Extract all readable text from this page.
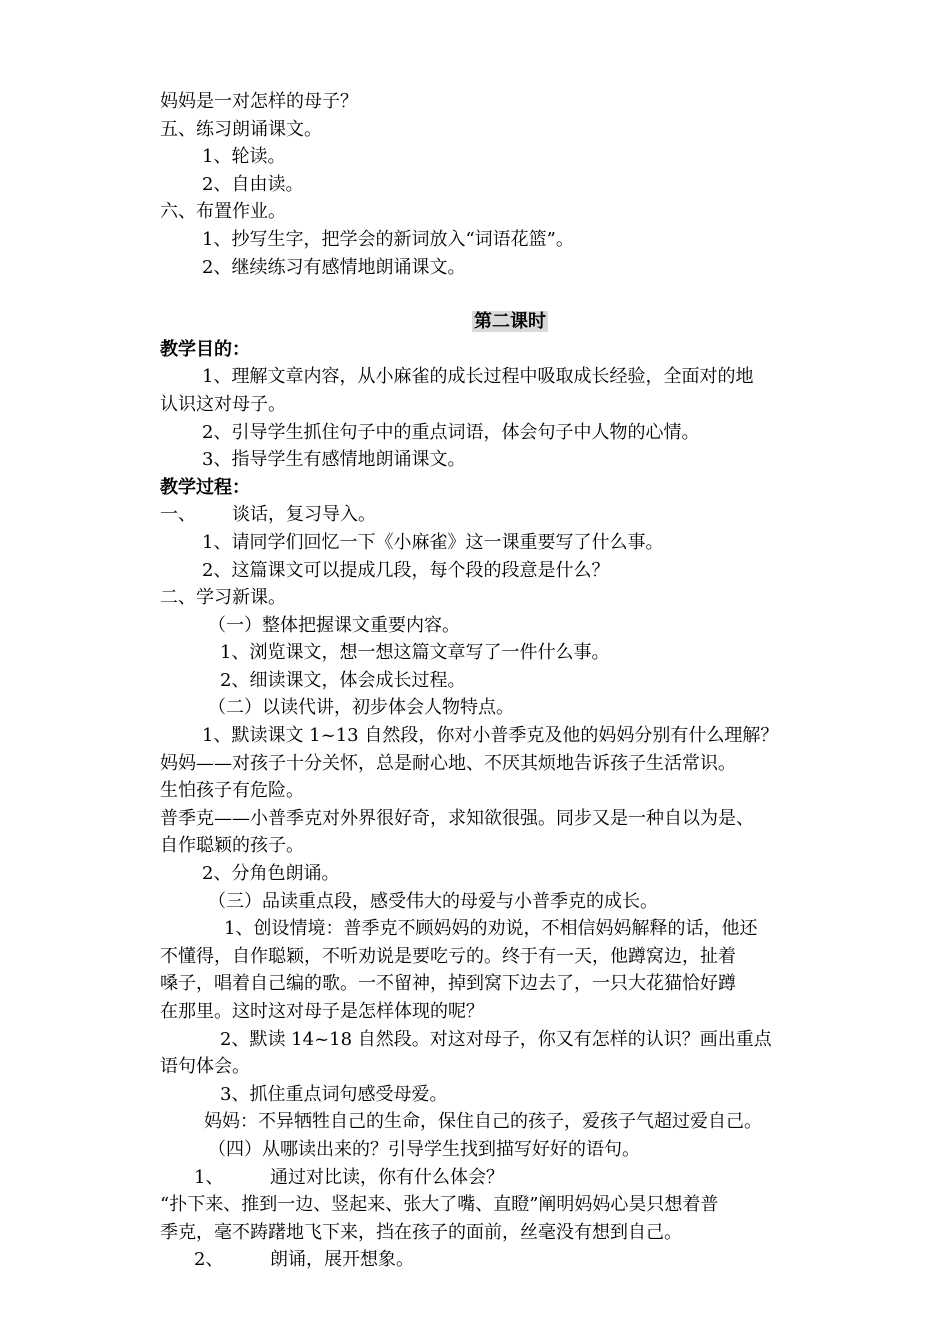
妈妈是一对怎样的母子？
五、练习朗诵课文。
1、轮读。
2、自由读。
六、布置作业。
1、抄写生字，把学会的新词放入“词语花篮”。
2、继续练习有感情地朗诵课文。
第二课时
教学目的：
1、理解文章内容，从小麻雀的成长过程中吸取成长经验，全面对的地
认识这对母子。
2、引导学生抓住句子中的重点词语，体会句子中人物的心情。
3、指导学生有感情地朗诵课文。
教学过程：
一、 谈话，复习导入。
1、请同学们回忆一下《小麻雀》这一课重要写了什么事。
2、这篇课文可以提成几段，每个段的段意是什么？
二、学习新课。
（一）整体把握课文重要内容。
1、浏览课文，想一想这篇文章写了一件什么事。
2、细读课文，体会成长过程。
（二）以读代讲，初步体会人物特点。
1、默读课文 1~13 自然段，你对小普季克及他的妈妈分别有什么理解？
妈妈——对孩子十分关怀，总是耐心地、不厌其烦地告诉孩子生活常识。
生怕孩子有危险。
普季克——小普季克对外界很好奇，求知欲很强。同步又是一种自以为是、
自作聪颖的孩子。
2、分角色朗诵。
（三）品读重点段，感受伟大的母爱与小普季克的成长。
1、创设情境：普季克不顾妈妈的劝说，不相信妈妈解释的话，他还
不懂得，自作聪颖，不听劝说是要吃亏的。终于有一天，他蹲窝边，扯着
嗓子，唱着自己编的歌。一不留神，掉到窝下边去了，一只大花猫恰好蹲
在那里。这时这对母子是怎样体现的呢？
2、默读 14~18 自然段。对这对母子，你又有怎样的认识？画出重点
语句体会。
3、抓住重点词句感受母爱。
妈妈：不异牺牲自己的生命，保住自己的孩子，爱孩子气超过爱自己。
（四）从哪读出来的？引导学生找到描写好好的语句。
1、	通过对比读，你有什么体会？
“扑下来、推到一边、竖起来、张大了嘴、直瞪”阐明妈妈心昊只想着普
季克，毫不踌躇地飞下来，挡在孩子的面前，丝毫没有想到自己。
2、	朗诵，展开想象。
